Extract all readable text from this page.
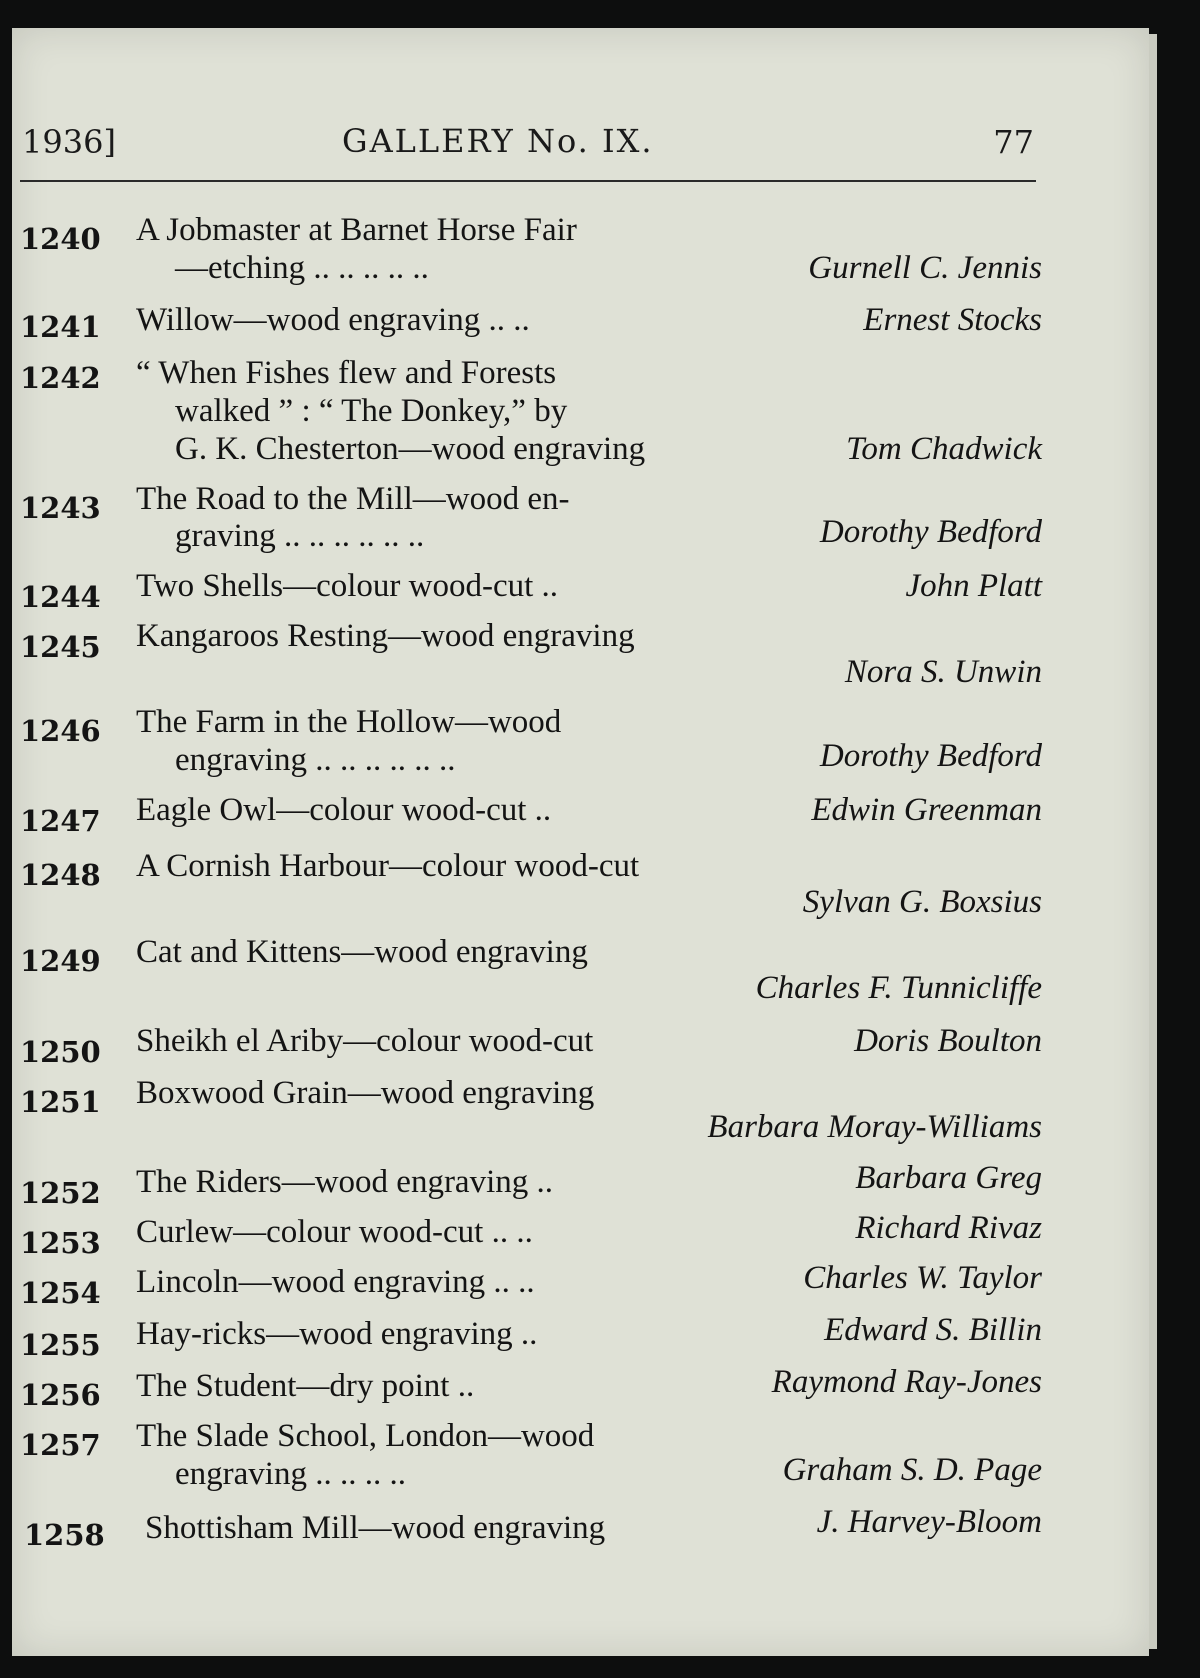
1936]	GALLERY No. IX.	77
1240 A Jobmaster at Barnet Horse Fair
—etching .. .. .. .. ..	Gurnell C. Jennis
1241 Willow—wood engraving .. ..	Ernest Stocks
1242 “ When Fishes flew and Forests
walked ” : “ The Donkey,” by
G. K. Chesterton—wood engraving	Tom Chadwick
1243 The Road to the Mill—wood en-
graving .. .. .. .. .. ..	Dorothy Bedford
1244 Two Shells—colour wood-cut ..	John Platt
1245 Kangaroos Resting—wood engraving
Nora S. Unwin
1246 The Farm in the Hollow—wood
engraving .. .. .. .. .. ..	Dorothy Bedford
1247 Eagle Owl—colour wood-cut ..	Edwin Greenman
1248 A Cornish Harbour—colour wood-cut
Sylvan G. Boxsius
1249 Cat and Kittens—wood engraving
Charles F. Tunnicliffe
1250 Sheikh el Ariby—colour wood-cut	Doris Boulton
1251 Boxwood Grain—wood engraving
Barbara Moray-Williams
1252 The Riders—wood engraving ..	Barbara Greg
1253 Curlew—colour wood-cut .. ..	Richard Rivaz
1254 Lincoln—wood engraving .. ..	Charles W. Taylor
1255 Hay-ricks—wood engraving ..	Edward S. Billin
1256 The Student—dry point ..	Raymond Ray-Jones
1257 The Slade School, London—wood
engraving .. .. .. ..	Graham S. D. Page
1258 Shottisham Mill—wood engraving	J. Harvey-Bloom
